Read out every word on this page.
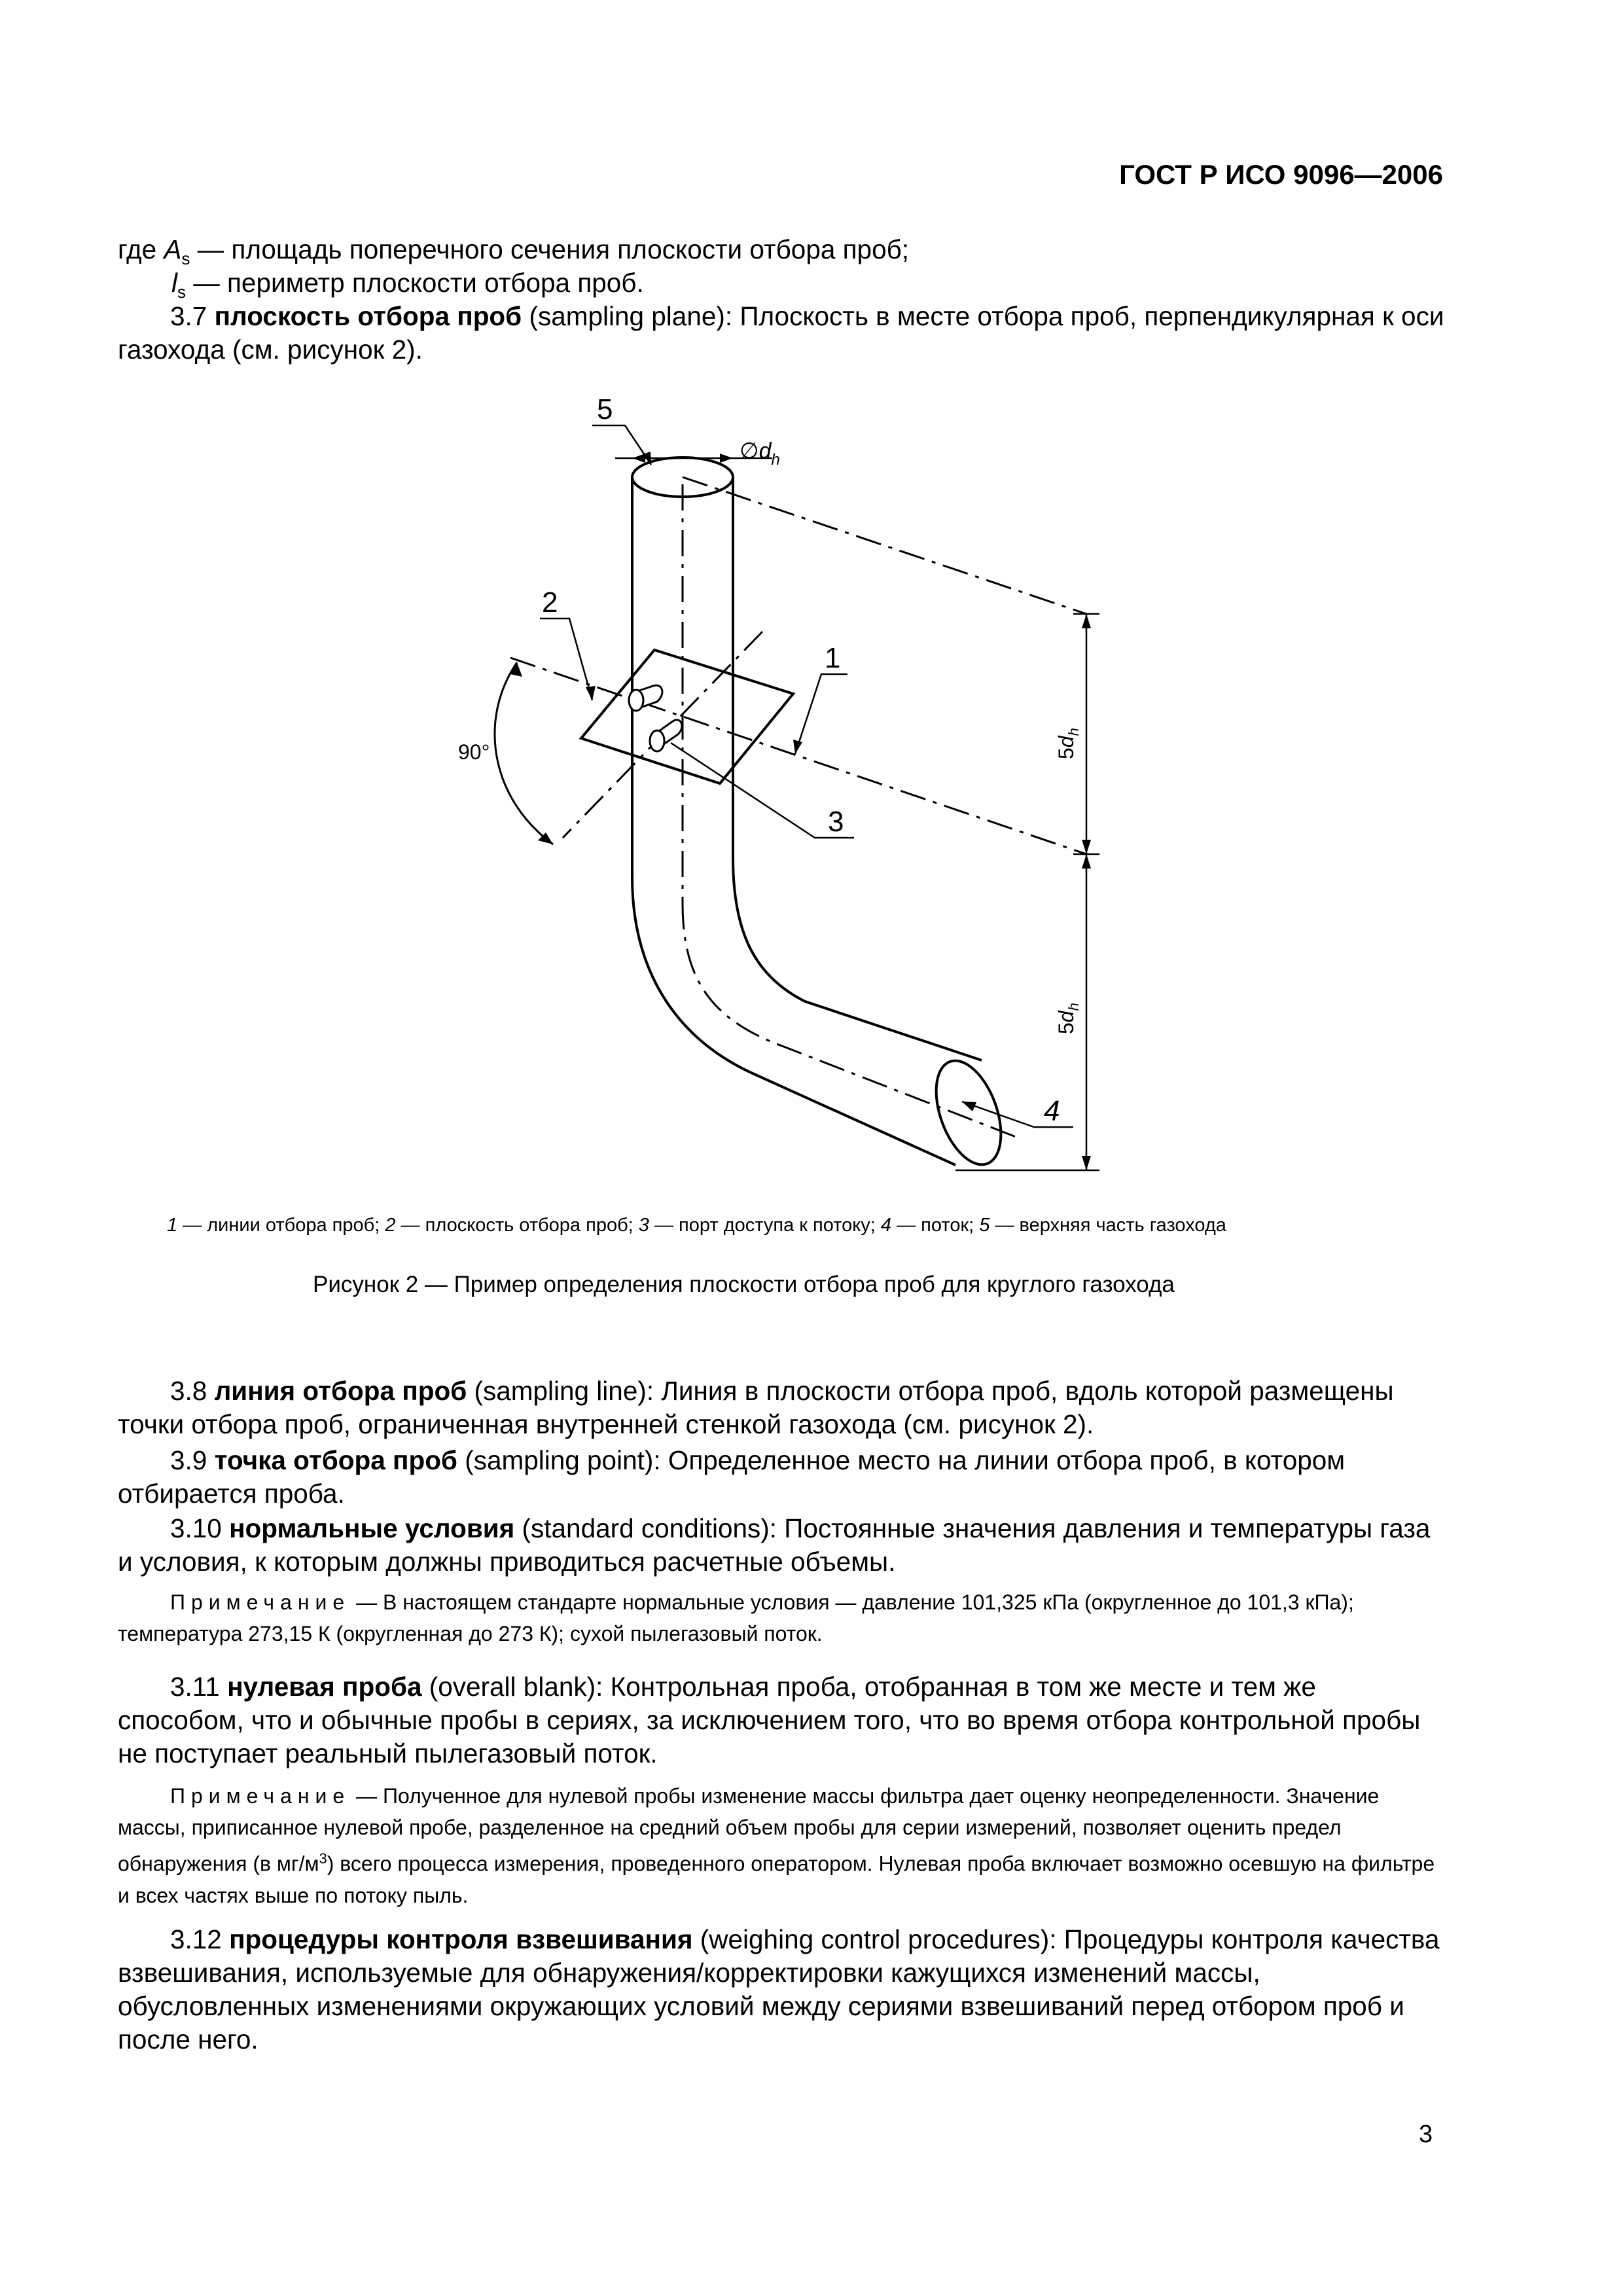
ГОСТ Р ИСО 9096—2006
где $A_s$ — площадь поперечного сечения плоскости отбора проб;
$l_s$ — периметр плоскости отбора проб.

3.7 плоскость отбора проб (sampling plane): Плоскость в месте отбора проб, перпендикулярная к оси газохода (см. рисунок 2).

90°
$\emptyset d_h$
5
2
1
3
4
$5d_h$
$5d_h$
1 — линии отбора проб; 2 — плоскость отбора проб; 3 — порт доступа к потоку; 4 — поток; 5 — верхняя часть газохода
Рисунок 2 — Пример определения плоскости отбора проб для круглого газохода

3.8 линия отбора проб (sampling line): Линия в плоскости отбора проб, вдоль которой размещены точки отбора проб, ограниченная внутренней стенкой газохода (см. рисунок 2).

3.9 точка отбора проб (sampling point): Определенное место на линии отбора проб, в котором отбирается проба.

3.10 нормальные условия (standard conditions): Постоянные значения давления и температуры газа и условия, к которым должны приводиться расчетные объемы.

Примечание — В настоящем стандарте нормальные условия — давление 101,325 кПа (округленное до 101,3 кПа); температура 273,15 К (округленная до 273 К); сухой пылегазовый поток.

3.11 нулевая проба (overall blank): Контрольная проба, отобранная в том же месте и тем же способом, что и обычные пробы в сериях, за исключением того, что во время отбора контрольной пробы не поступает реальный пылегазовый поток.

Примечание — Полученное для нулевой пробы изменение массы фильтра дает оценку неопределенности. Значение массы, приписанное нулевой пробе, разделенное на средний объем пробы для серии измерений, позволяет оценить предел обнаружения (в $мг/м^3$) всего процесса измерения, проведенного оператором. Нулевая проба включает возможно осевшую на фильтре и всех частях выше по потоку пыль.

3.12 процедуры контроля взвешивания (weighing control procedures): Процедуры контроля качества взвешивания, используемые для обнаружения/корректировки кажущихся изменений массы, обусловленных изменениями окружающих условий между сериями взвешиваний перед отбором проб и после него.

3
